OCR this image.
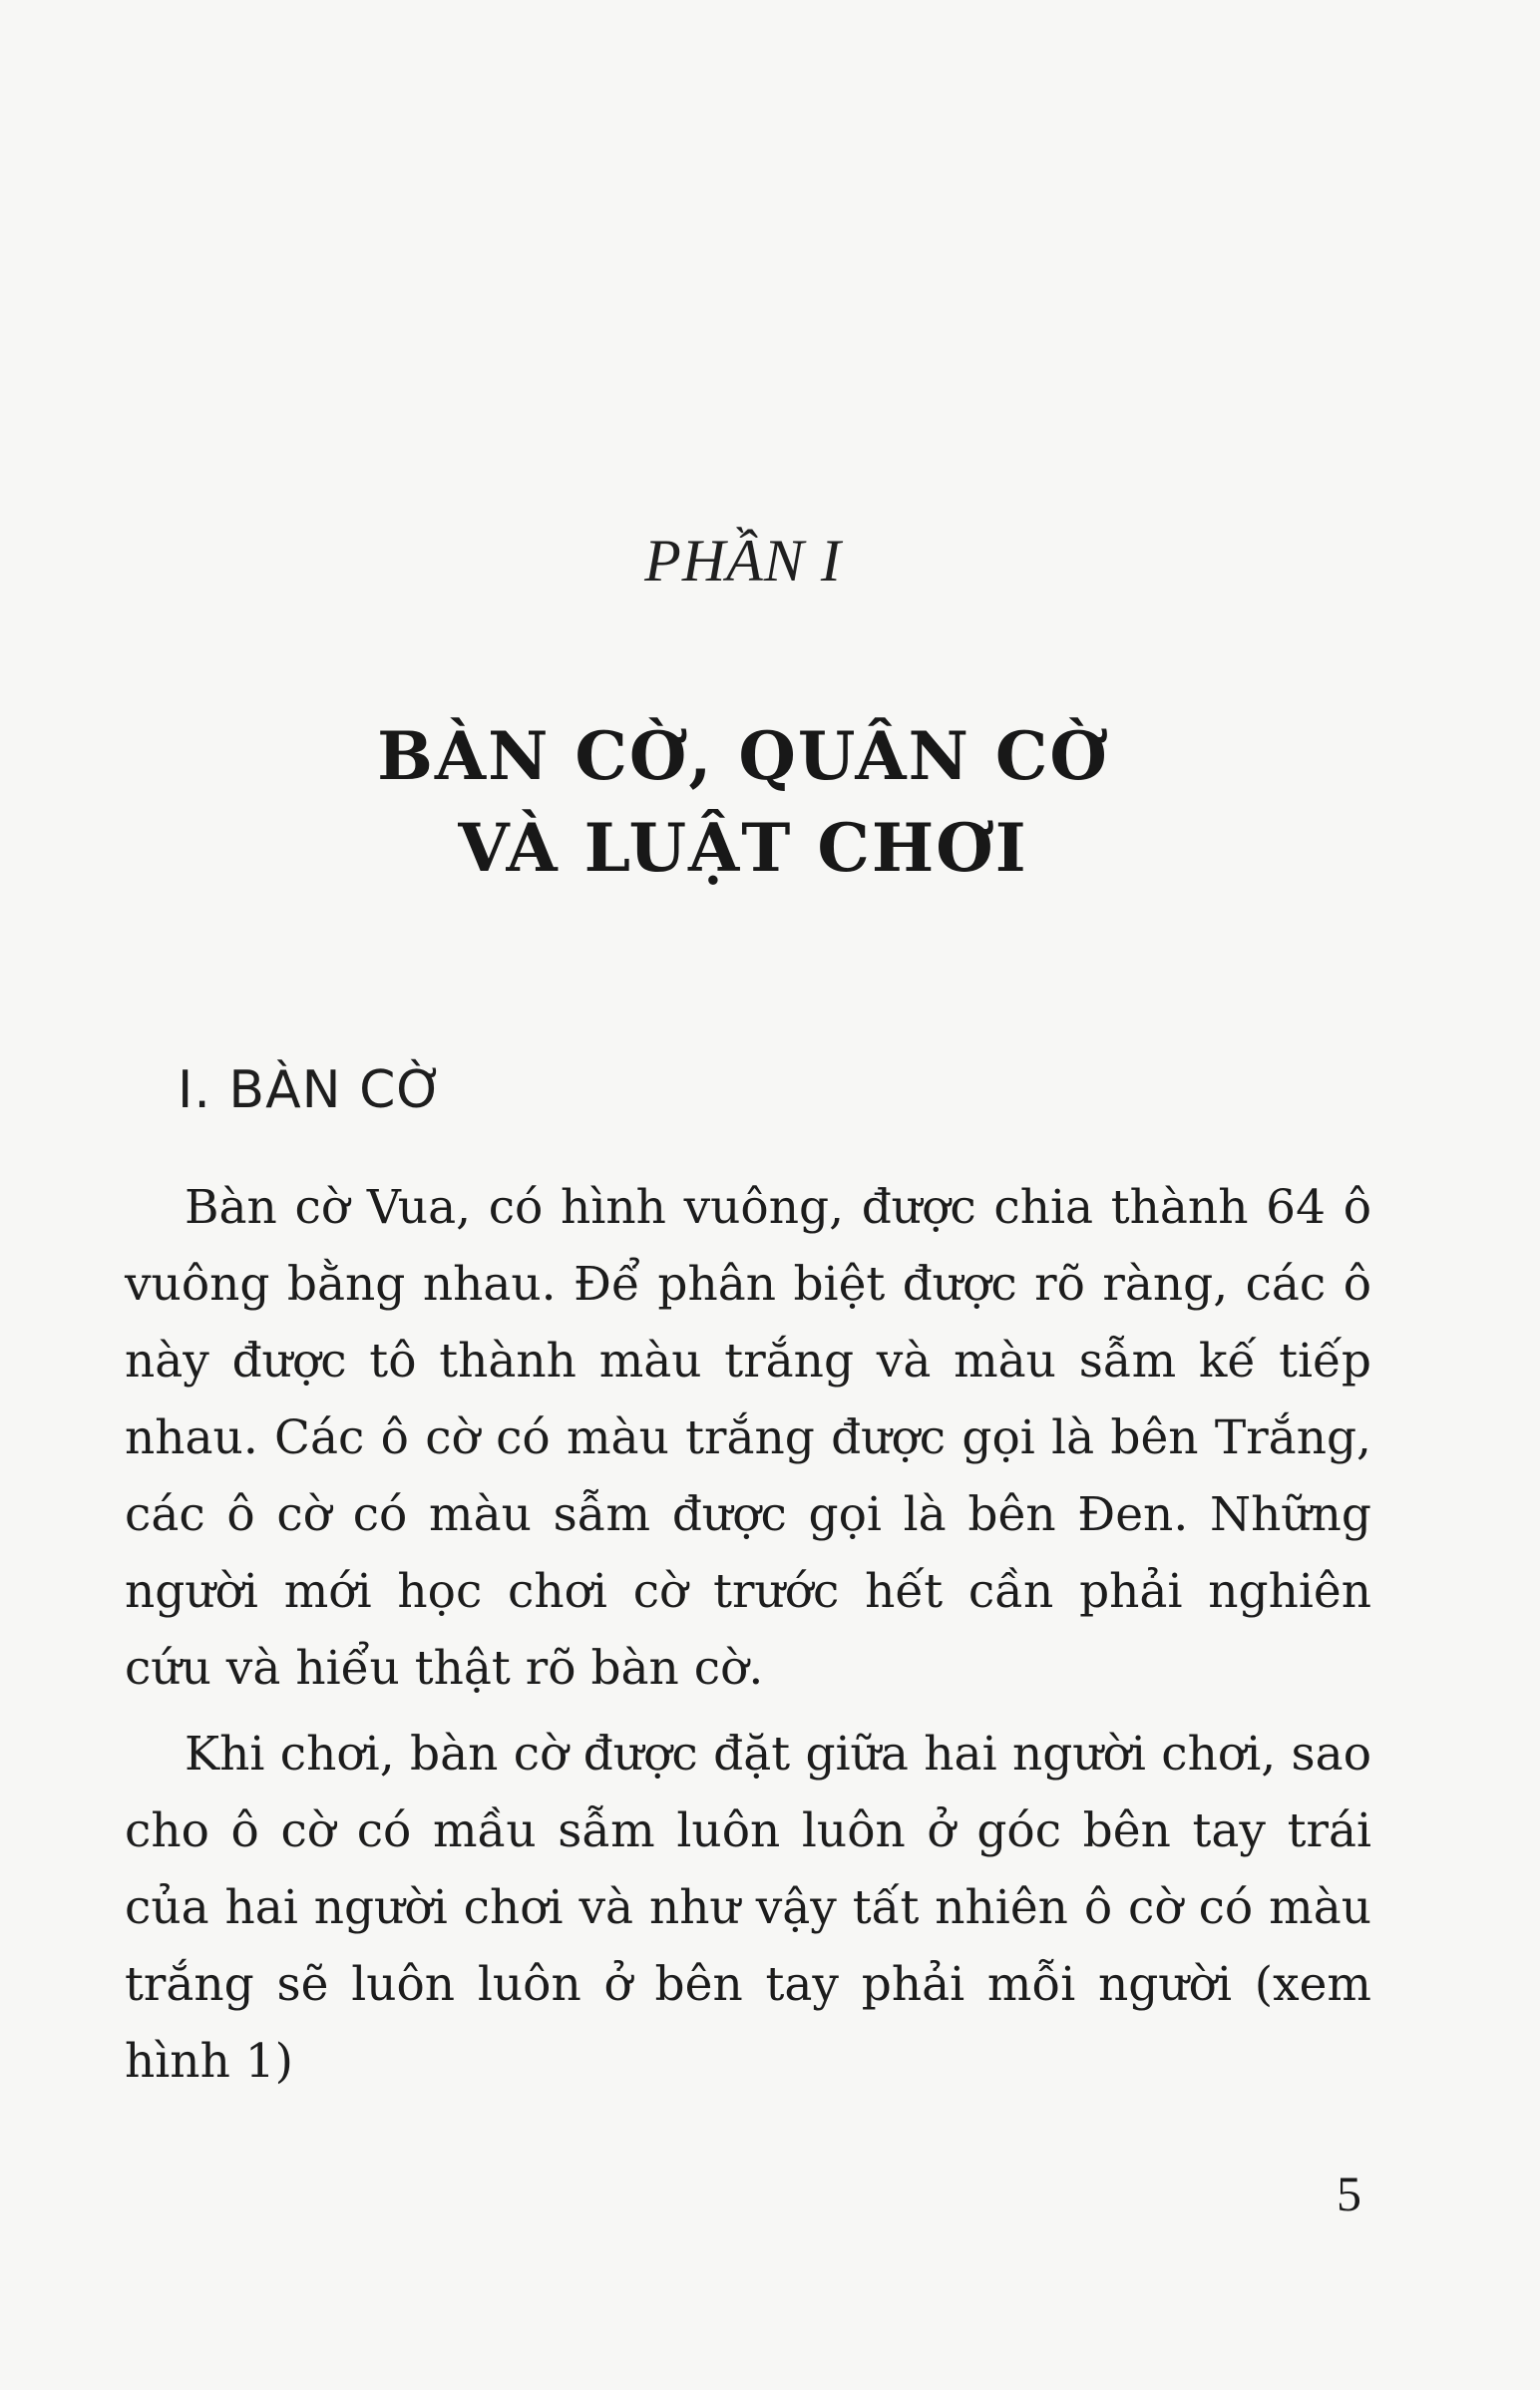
PHẦN I
BÀN CỜ, QUÂN CỜ
VÀ LUẬT CHƠI
I. BÀN CỜ

Bàn cờ Vua, có hình vuông, được chia thành 64 ô vuông bằng nhau. Để phân biệt được rõ ràng, các ô này được tô thành màu trắng và màu sẫm kế tiếp nhau. Các ô cờ có màu trắng được gọi là bên Trắng, các ô cờ có màu sẫm được gọi là bên Đen. Những người mới học chơi cờ trước hết cần phải nghiên cứu và hiểu thật rõ bàn cờ.

Khi chơi, bàn cờ được đặt giữa hai người chơi, sao cho ô cờ có mầu sẫm luôn luôn ở góc bên tay trái của hai người chơi và như vậy tất nhiên ô cờ có màu trắng sẽ luôn luôn ở bên tay phải mỗi người (xem hình 1)

5
